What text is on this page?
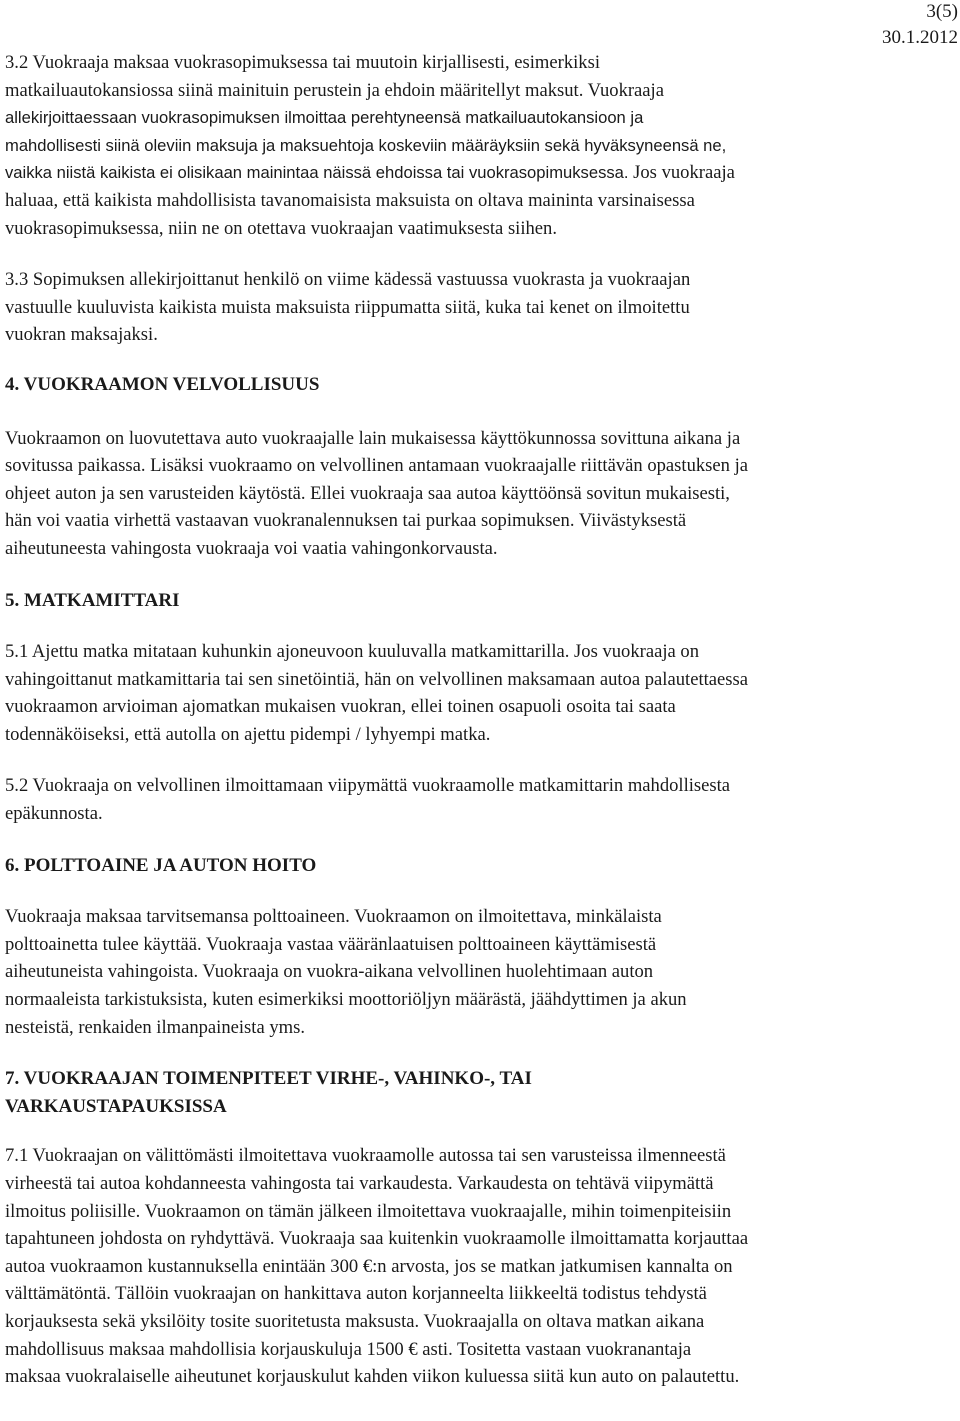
3(5)
30.1.2012
3.2 Vuokraaja maksaa vuokrasopimuksessa tai muutoin kirjallisesti, esimerkiksi
matkailuautokansiossa siinä mainituin perustein ja ehdoin määritellyt maksut. Vuokraaja
allekirjoittaessaan vuokrasopimuksen ilmoittaa perehtyneensä matkailuautokansioon ja
mahdollisesti siinä oleviin maksuja ja maksuehtoja koskeviin määräyksiin sekä hyväksyneensä ne,
vaikka niistä kaikista ei olisikaan mainintaa näissä ehdoissa tai vuokrasopimuksessa. Jos vuokraaja
haluaa, että kaikista mahdollisista tavanomaisista maksuista on oltava maininta varsinaisessa
vuokrasopimuksessa, niin ne on otettava vuokraajan vaatimuksesta siihen.
3.3 Sopimuksen allekirjoittanut henkilö on viime kädessä vastuussa vuokrasta ja vuokraajan
vastuulle kuuluvista kaikista muista maksuista riippumatta siitä, kuka tai kenet on ilmoitettu
vuokran maksajaksi.
4. VUOKRAAMON VELVOLLISUUS
Vuokraamon on luovutettava auto vuokraajalle lain mukaisessa käyttökunnossa sovittuna aikana ja
sovitussa paikassa. Lisäksi vuokraamo on velvollinen antamaan vuokraajalle riittävän opastuksen ja
ohjeet auton ja sen varusteiden käytöstä. Ellei vuokraaja saa autoa käyttöönsä sovitun mukaisesti,
hän voi vaatia virhettä vastaavan vuokranalennuksen tai purkaa sopimuksen. Viivästyksestä
aiheutuneesta vahingosta vuokraaja voi vaatia vahingonkorvausta.
5. MATKAMITTARI
5.1 Ajettu matka mitataan kuhunkin ajoneuvoon kuuluvalla matkamittarilla. Jos vuokraaja on
vahingoittanut matkamittaria tai sen sinetöintiä, hän on velvollinen maksamaan autoa palautettaessa
vuokraamon arvioiman ajomatkan mukaisen vuokran, ellei toinen osapuoli osoita tai saata
todennäköiseksi, että autolla on ajettu pidempi / lyhyempi matka.
5.2 Vuokraaja on velvollinen ilmoittamaan viipymättä vuokraamolle matkamittarin mahdollisesta
epäkunnosta.
6. POLTTOAINE JA AUTON HOITO
Vuokraaja maksaa tarvitsemansa polttoaineen. Vuokraamon on ilmoitettava, minkälaista
polttoainetta tulee käyttää. Vuokraaja vastaa vääränlaatuisen polttoaineen käyttämisestä
aiheutuneista vahingoista. Vuokraaja on vuokra-aikana velvollinen huolehtimaan auton
normaaleista tarkistuksista, kuten esimerkiksi moottoriöljyn määrästä, jäähdyttimen ja akun
nesteistä, renkaiden ilmanpaineista yms.
7. VUOKRAAJAN TOIMENPITEET VIRHE-, VAHINKO-, TAI
VARKAUSTAPAUKSISSA
7.1 Vuokraajan on välittömästi ilmoitettava vuokraamolle autossa tai sen varusteissa ilmenneestä
virheestä tai autoa kohdanneesta vahingosta tai varkaudesta. Varkaudesta on tehtävä viipymättä
ilmoitus poliisille. Vuokraamon on tämän jälkeen ilmoitettava vuokraajalle, mihin toimenpiteisiin
tapahtuneen johdosta on ryhdyttävä. Vuokraaja saa kuitenkin vuokraamolle ilmoittamatta korjauttaa
autoa vuokraamon kustannuksella enintään 300 €:n arvosta, jos se matkan jatkumisen kannalta on
välttämätöntä. Tällöin vuokraajan on hankittava auton korjanneelta liikkeeltä todistus tehdystä
korjauksesta sekä yksilöity tosite suoritetusta maksusta. Vuokraajalla on oltava matkan aikana
mahdollisuus maksaa mahdollisia korjauskuluja 1500 € asti. Tositetta vastaan vuokranantaja
maksaa vuokralaiselle aiheutunet korjauskulut kahden viikon kuluessa siitä kun auto on palautettu.
